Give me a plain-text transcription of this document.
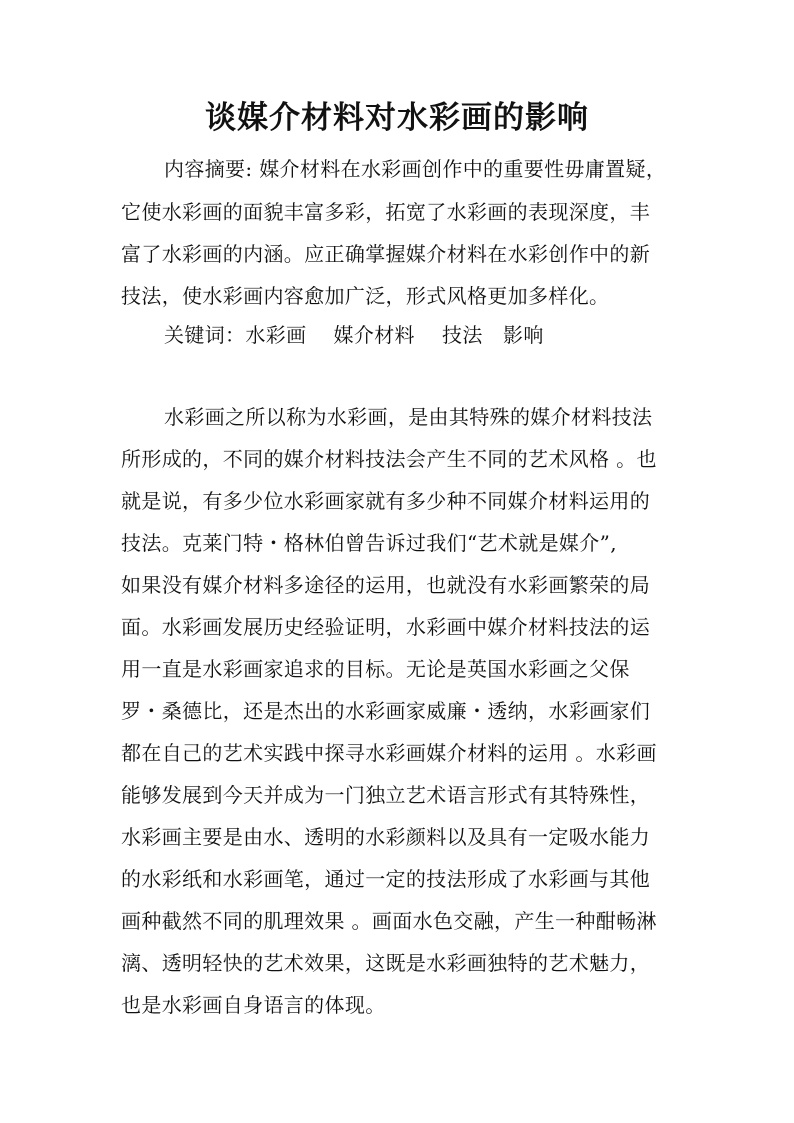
谈媒介材料对水彩画的影响
内容摘要: 媒介材料在水彩画创作中的重要性毋庸置疑，
它使水彩画的面貌丰富多彩，拓宽了水彩画的表现深度，丰
富了水彩画的内涵。应正确掌握媒介材料在水彩创作中的新
技法，使水彩画内容愈加广泛，形式风格更加多样化。
关键词：水彩画　 媒介材料　 技法　影响
水彩画之所以称为水彩画，是由其特殊的媒介材料技法
所形成的，不同的媒介材料技法会产生不同的艺术风格 。也
就是说，有多少位水彩画家就有多少种不同媒介材料运用的
技法。克莱门特・格林伯曾告诉过我们“艺术就是媒介”,
如果没有媒介材料多途径的运用，也就没有水彩画繁荣的局
面。水彩画发展历史经验证明，水彩画中媒介材料技法的运
用一直是水彩画家追求的目标。无论是英国水彩画之父保
罗・桑德比，还是杰出的水彩画家威廉・透纳，水彩画家们
都在自己的艺术实践中探寻水彩画媒介材料的运用 。水彩画
能够发展到今天并成为一门独立艺术语言形式有其特殊性，
水彩画主要是由水、透明的水彩颜料以及具有一定吸水能力
的水彩纸和水彩画笔，通过一定的技法形成了水彩画与其他
画种截然不同的肌理效果 。画面水色交融，产生一种酣畅淋
漓、透明轻快的艺术效果，这既是水彩画独特的艺术魅力，
也是水彩画自身语言的体现。
